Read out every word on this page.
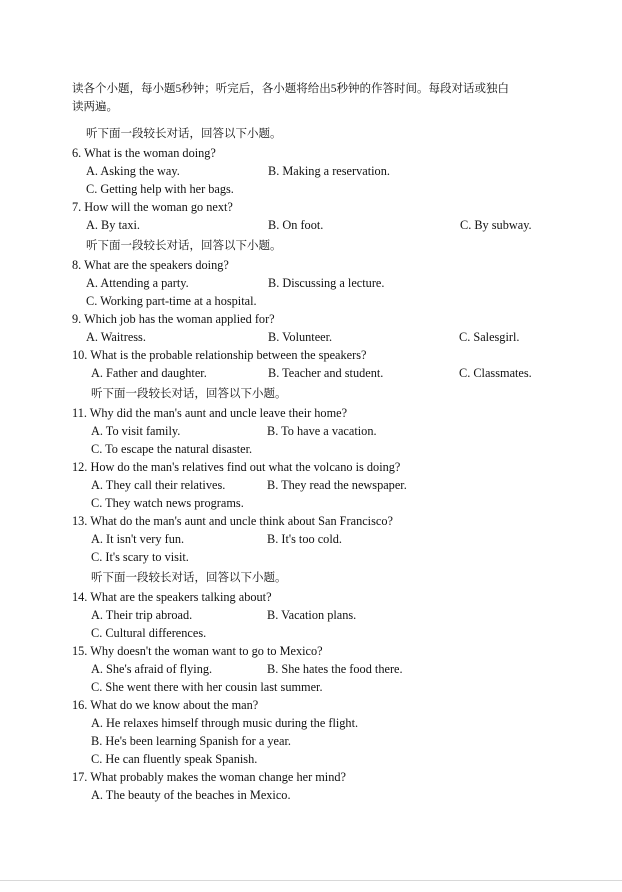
读各个小题，每小题5秒钟；听完后，各小题将给出5秒钟的作答时间。每段对话或独白
读两遍。
听下面一段较长对话，回答以下小题。
6. What is the woman doing?
A. Asking the way.	B. Making a reservation.
C. Getting help with her bags.
7. How will the woman go next?
A. By taxi.	B. On foot.	C. By subway.
听下面一段较长对话，回答以下小题。
8. What are the speakers doing?
A. Attending a party.	B. Discussing a lecture.
C. Working part-time at a hospital.
9. Which job has the woman applied for?
A. Waitress.	B. Volunteer.	C. Salesgirl.
10. What is the probable relationship between the speakers?
A. Father and daughter.	B. Teacher and student.	C. Classmates.
听下面一段较长对话，回答以下小题。
11. Why did the man's aunt and uncle leave their home?
A. To visit family.	B. To have a vacation.
C. To escape the natural disaster.
12. How do the man's relatives find out what the volcano is doing?
A. They call their relatives.	B. They read the newspaper.
C. They watch news programs.
13. What do the man's aunt and uncle think about San Francisco?
A. It isn't very fun.	B. It's too cold.
C. It's scary to visit.
听下面一段较长对话，回答以下小题。
14. What are the speakers talking about?
A. Their trip abroad.	B. Vacation plans.
C. Cultural differences.
15. Why doesn't the woman want to go to Mexico?
A. She's afraid of flying.	B. She hates the food there.
C. She went there with her cousin last summer.
16. What do we know about the man?
A. He relaxes himself through music during the flight.
B. He's been learning Spanish for a year.
C. He can fluently speak Spanish.
17. What probably makes the woman change her mind?
A. The beauty of the beaches in Mexico.
